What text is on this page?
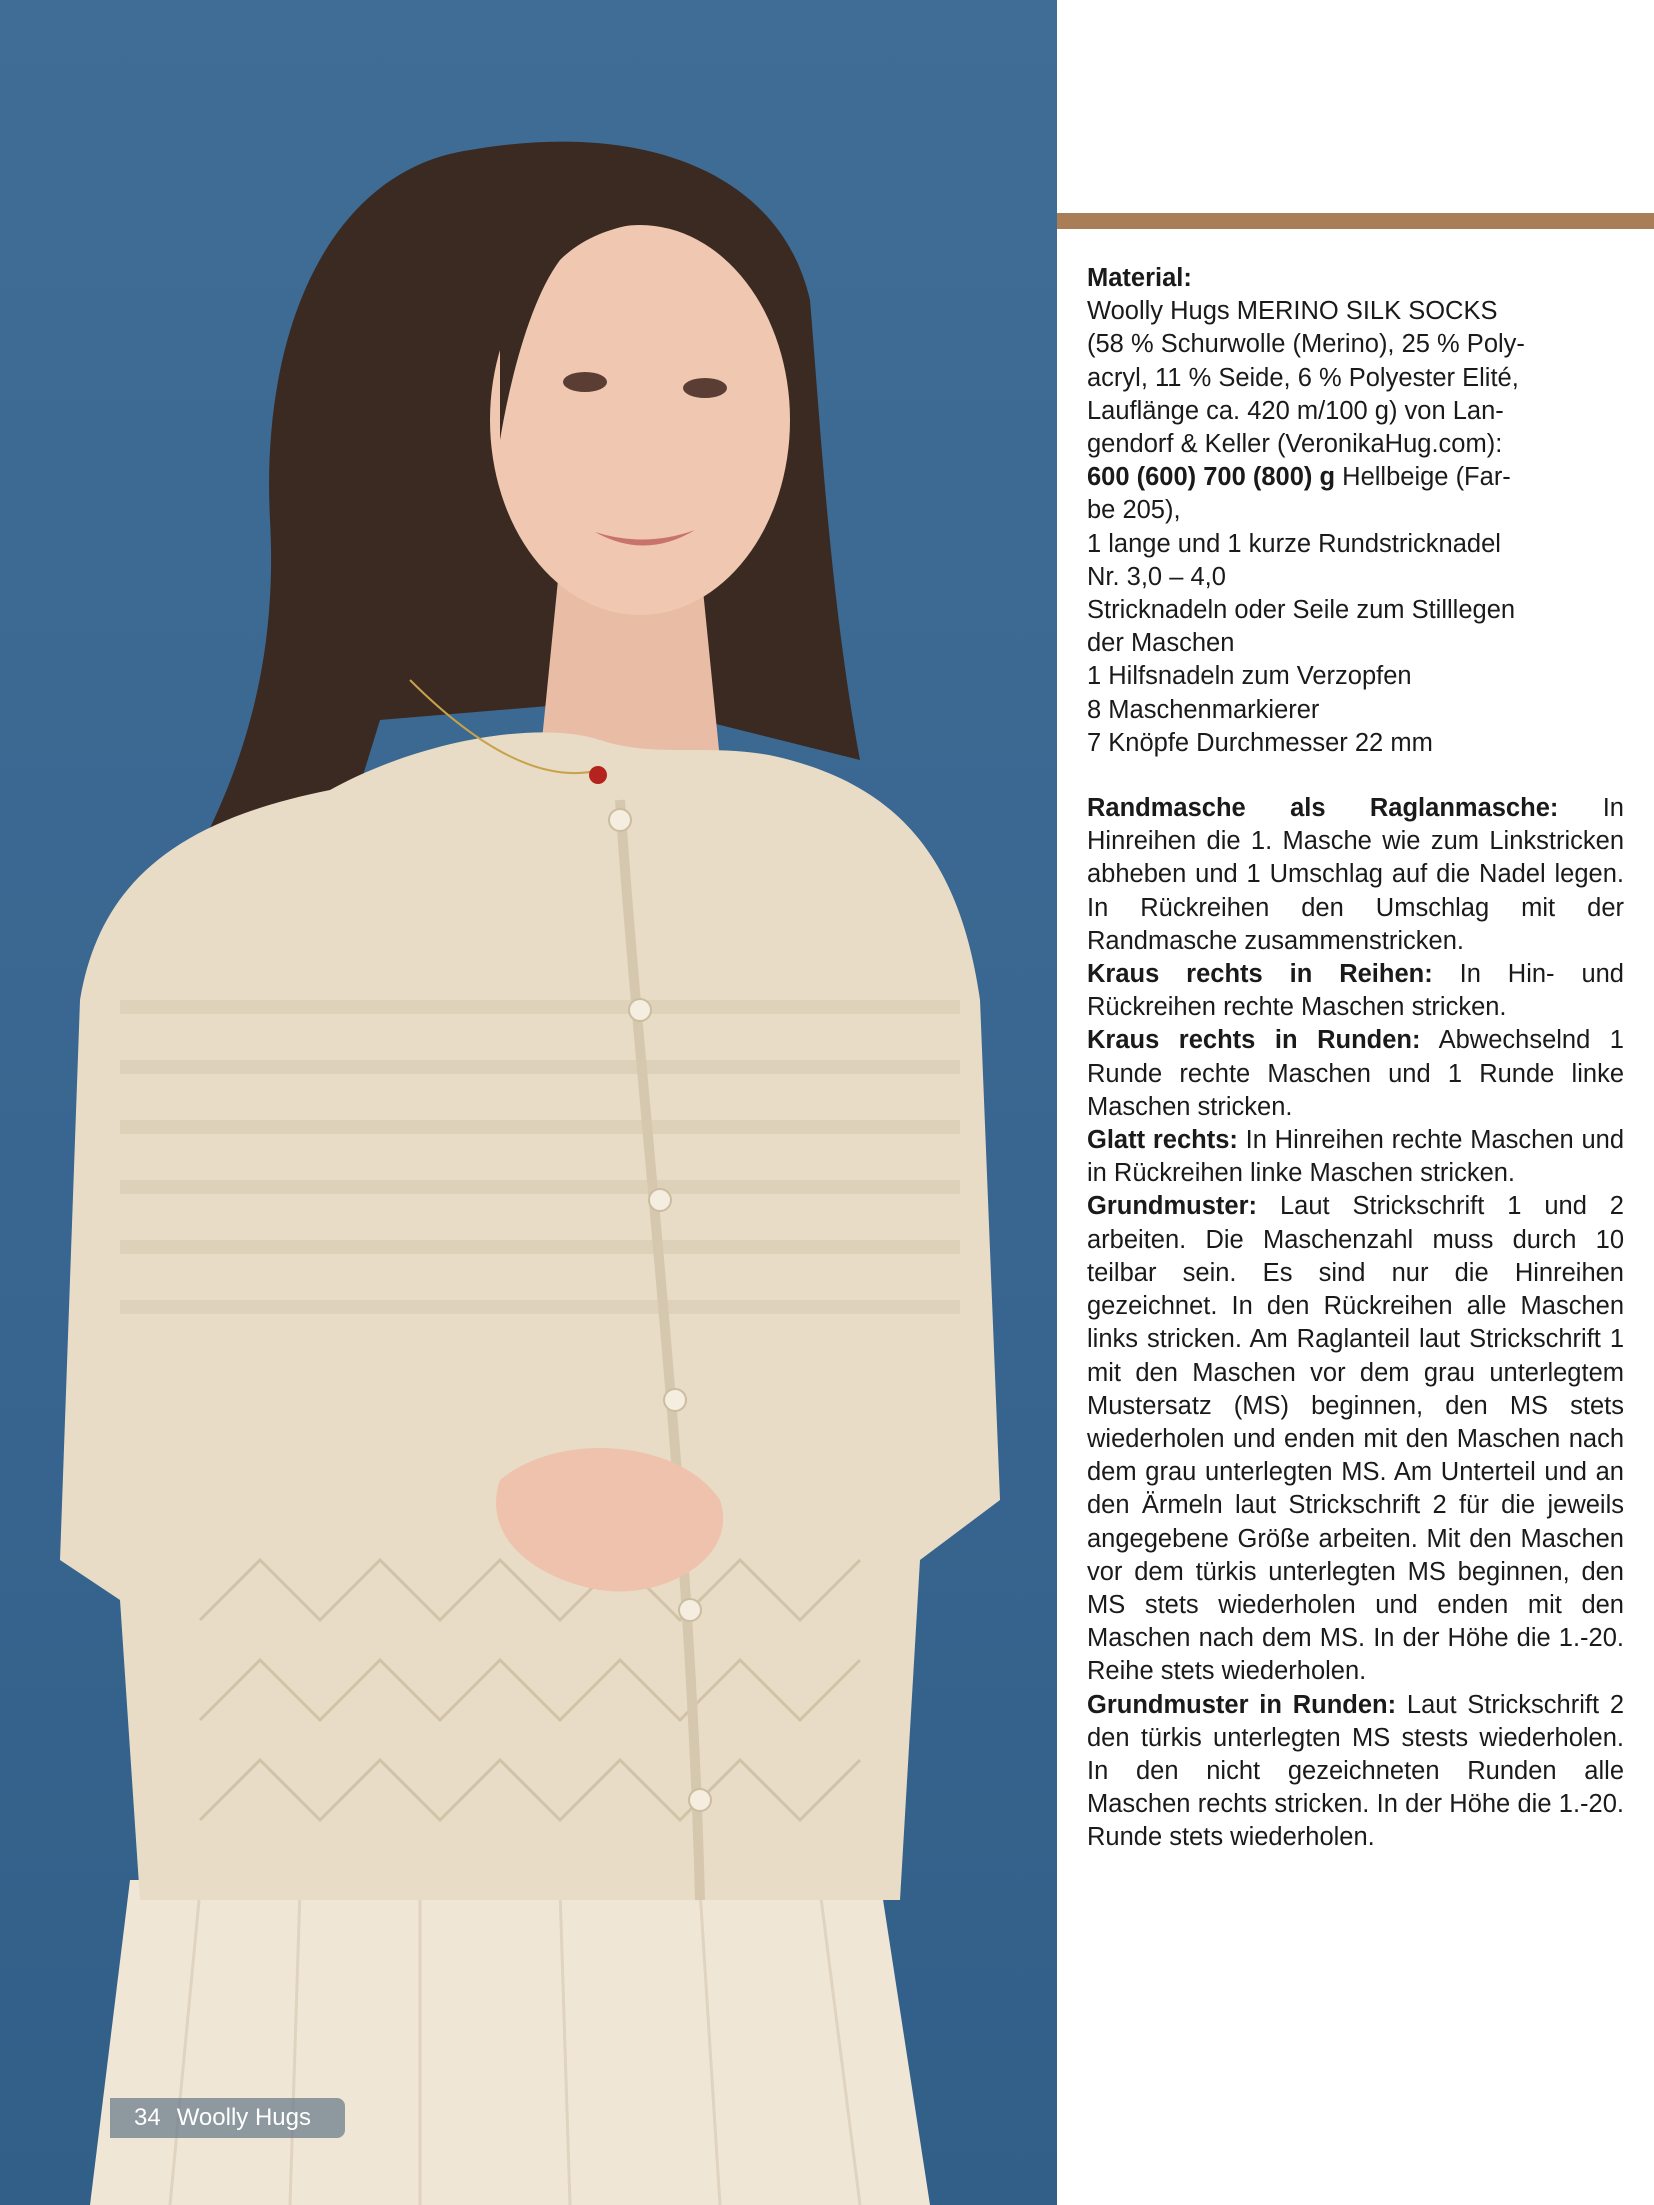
34 Woolly Hugs

Material:
Woolly Hugs MERINO SILK SOCKS
(58 % Schurwolle (Merino), 25 % Poly-
acryl, 11 % Seide, 6 % Polyester Elité,
Lauflänge ca. 420 m/100 g) von Lan-
gendorf & Keller (VeronikaHug.com):
600 (600) 700 (800) g Hellbeige (Far-
be 205),
1 lange und 1 kurze Rundstricknadel
Nr. 3,0 – 4,0
Stricknadeln oder Seile zum Stilllegen
der Maschen
1 Hilfsnadeln zum Verzopfen
8 Maschenmarkierer
7 Knöpfe Durchmesser 22 mm

Randmasche als Raglanmasche: In Hinreihen die 1. Masche wie zum Linkstricken abheben und 1 Umschlag auf die Nadel legen. In Rückreihen den Umschlag mit der Randmasche zusammenstricken.

Kraus rechts in Reihen: In Hin- und Rückreihen rechte Maschen stricken.

Kraus rechts in Runden: Abwechselnd 1 Runde rechte Maschen und 1 Runde linke Maschen stricken.

Glatt rechts: In Hinreihen rechte Maschen und in Rückreihen linke Maschen stricken.

Grundmuster: Laut Strickschrift 1 und 2 arbeiten. Die Maschenzahl muss durch 10 teilbar sein. Es sind nur die Hinreihen gezeichnet. In den Rückreihen alle Maschen links stricken. Am Raglanteil laut Strickschrift 1 mit den Maschen vor dem grau unterlegtem Mustersatz (MS) beginnen, den MS stets wiederholen und enden mit den Maschen nach dem grau unterlegten MS. Am Unterteil und an den Ärmeln laut Strickschrift 2 für die jeweils angegebene Größe arbeiten. Mit den Maschen vor dem türkis unterlegten MS beginnen, den MS stets wiederholen und enden mit den Maschen nach dem MS. In der Höhe die 1.-20. Reihe stets wiederholen.

Grundmuster in Runden: Laut Strickschrift 2 den türkis unterlegten MS stests wiederholen. In den nicht gezeichneten Runden alle Maschen rechts stricken. In der Höhe die 1.-20. Runde stets wiederholen.
